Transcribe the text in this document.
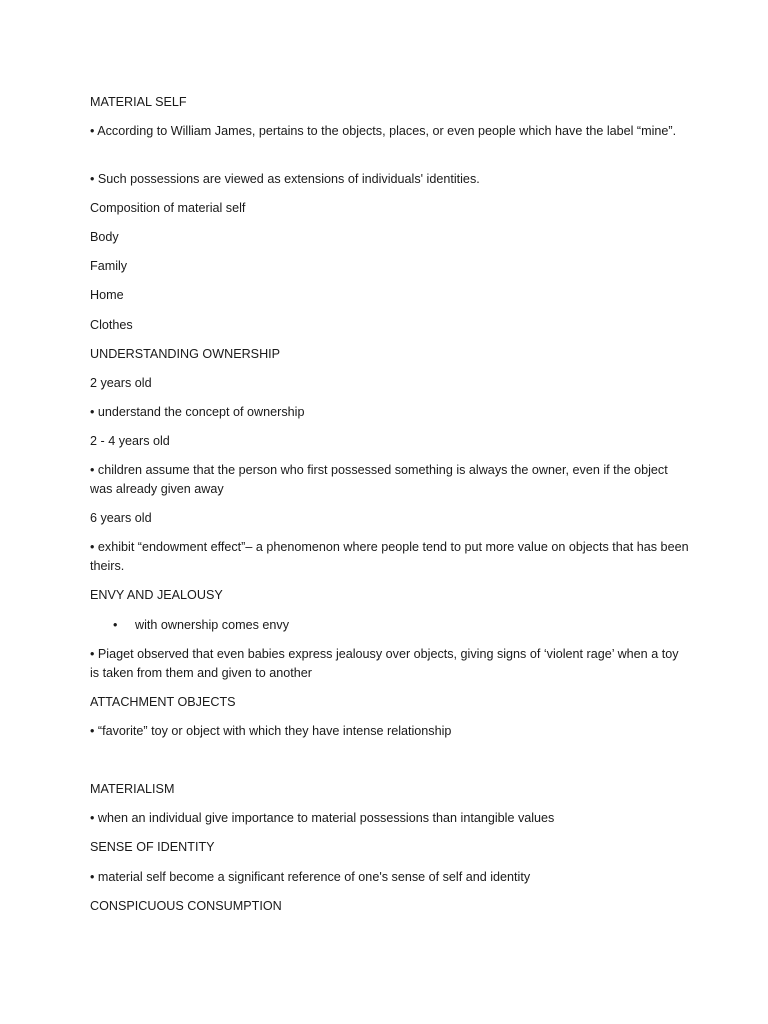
MATERIAL SELF
• According to William James, pertains to the objects, places, or even people which have the label “mine”.
• Such possessions are viewed as extensions of individuals' identities.
Composition of material self
Body
Family
Home
Clothes
UNDERSTANDING OWNERSHIP
2 years old
• understand the concept of ownership
2 - 4 years old
• children assume that the person who first possessed something is always the owner, even if the object was already given away
6 years old
• exhibit “endowment effect”– a phenomenon where people tend to put more value on objects that has been theirs.
ENVY AND JEALOUSY
• with ownership comes envy
• Piaget observed that even babies express jealousy over objects, giving signs of ‘violent rage’ when a toy is taken from them and given to another
ATTACHMENT OBJECTS
• “favorite” toy or object with which they have intense relationship
MATERIALISM
• when an individual give importance to material possessions than intangible values
SENSE OF IDENTITY
• material self become a significant reference of one's sense of self and identity
CONSPICUOUS CONSUMPTION
